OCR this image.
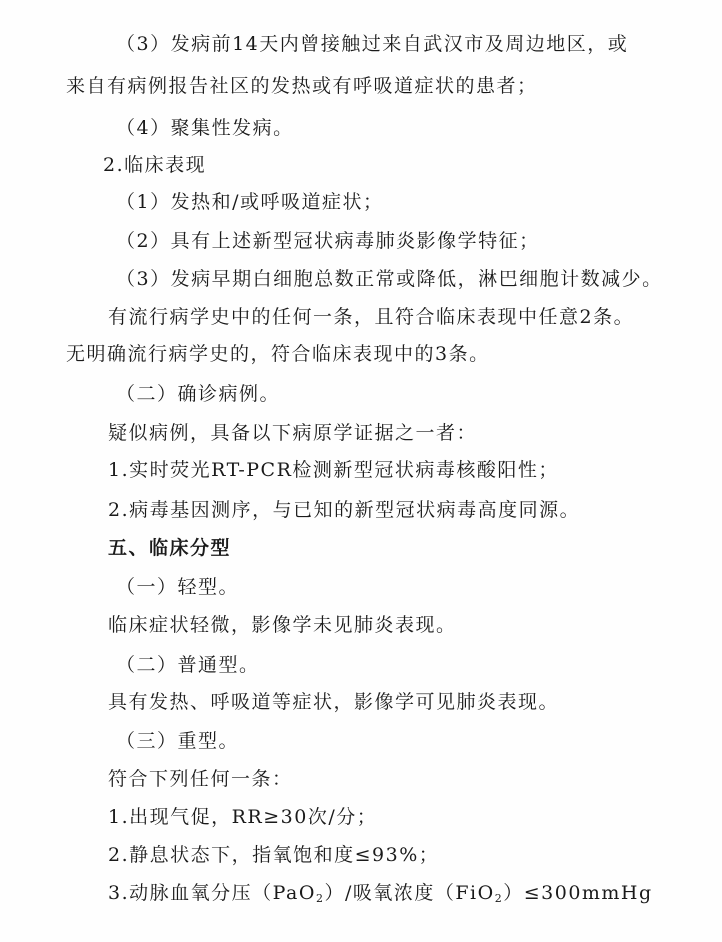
（3）发病前14天内曾接触过来自武汉市及周边地区，或
来自有病例报告社区的发热或有呼吸道症状的患者；
（4）聚集性发病。
2.临床表现
（1）发热和/或呼吸道症状；
（2）具有上述新型冠状病毒肺炎影像学特征；
（3）发病早期白细胞总数正常或降低，淋巴细胞计数减少。
有流行病学史中的任何一条，且符合临床表现中任意2条。
无明确流行病学史的，符合临床表现中的3条。
（二）确诊病例。
疑似病例，具备以下病原学证据之一者：
1.实时荧光RT-PCR检测新型冠状病毒核酸阳性；
2.病毒基因测序，与已知的新型冠状病毒高度同源。
五、临床分型
（一）轻型。
临床症状轻微，影像学未见肺炎表现。
（二）普通型。
具有发热、呼吸道等症状，影像学可见肺炎表现。
（三）重型。
符合下列任何一条：
1.出现气促，RR≥30次/分；
2.静息状态下，指氧饱和度≤93%；
3.动脉血氧分压（PaO$_2$）/吸氧浓度（FiO$_2$）≤300mmHg
